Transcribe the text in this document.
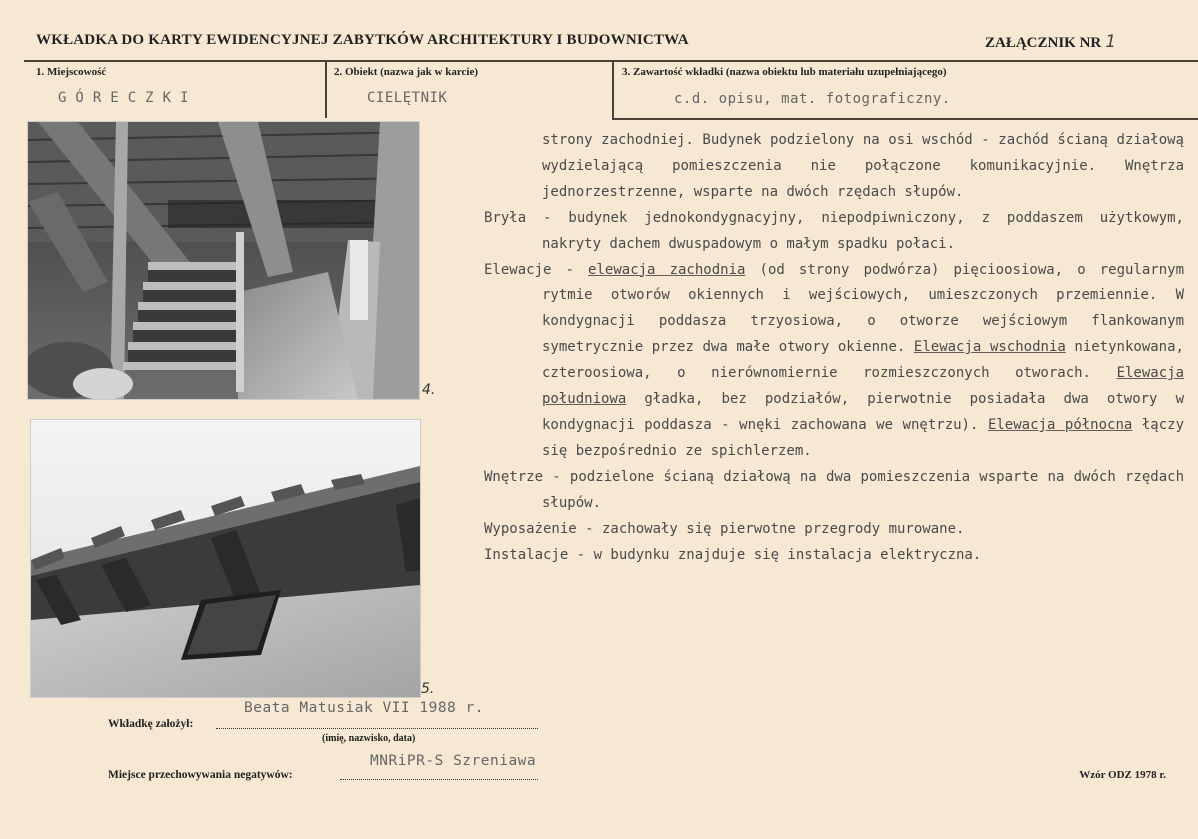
WKŁADKA DO KARTY EWIDENCYJNEJ ZABYTKÓW ARCHITEKTURY I BUDOWNICTWA	ZAŁĄCZNIK NR 1
1. Miejscowość
GÓRECZKI
2. Obiekt (nazwa jak w karcie)
CIELĘTNIK
3. Zawartość wkładki (nazwa obiektu lub materiału uzupełniającego)
c.d. opisu, mat. fotograficzny.
4.
5.
strony zachodniej. Budynek podzielony na osi wschód - zachód ścianą działową wydzielającą pomieszczenia nie połączone komunikacyjnie. Wnętrza jednorzestrzenne, wsparte na dwóch rzędach słupów.
Bryła - budynek jednokondygnacyjny, niepodpiwniczony, z poddaszem użytkowym, nakryty dachem dwuspadowym o małym spadku połaci.
Elewacje - elewacja zachodnia (od strony podwórza) pięcioosiowa, o regularnym rytmie otworów okiennych i wejściowych, umieszczonych przemiennie. W kondygnacji poddasza trzyosiowa, o otworze wejściowym flankowanym symetrycznie przez dwa małe otwory okienne. Elewacja wschodnia nietynkowana, czteroosiowa, o nierównomiernie rozmieszczonych otworach. Elewacja południowa gładka, bez podziałów, pierwotnie posiadała dwa otwory w kondygnacji poddasza - wnęki zachowana we wnętrzu). Elewacja północna łączy się bezpośrednio ze spichlerzem.
Wnętrze - podzielone ścianą działową na dwa pomieszczenia wsparte na dwóch rzędach słupów.
Wyposażenie - zachowały się pierwotne przegrody murowane.
Instalacje - w budynku znajduje się instalacja elektryczna.
Beata Matusiak VII 1988 r.
Wkładkę założył:
(imię, nazwisko, data)
MNRiPR-S Szreniawa
Miejsce przechowywania negatywów:	Wzór ODZ 1978 r.
